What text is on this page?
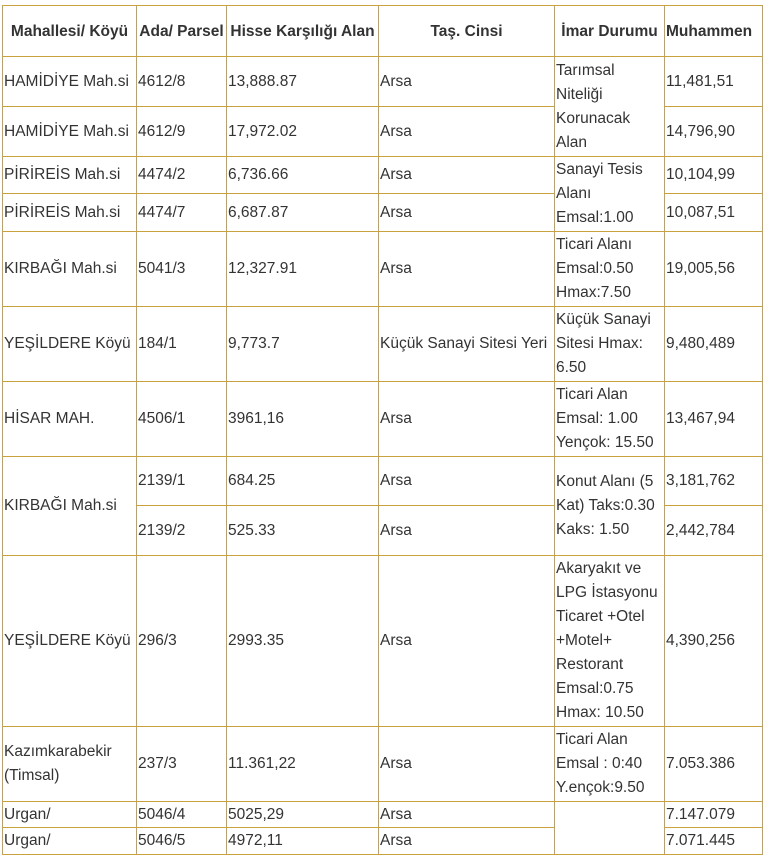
Mahallesi/ Köyü	Ada/ Parsel	Hisse Karşılığı Alan	Taş. Cinsi	İmar Durumu	Muhammen
HAMİDİYE Mah.si	4612/8	13,888.87	Arsa	Tarımsal Niteliği Korunacak Alan	11,481,51
HAMİDİYE Mah.si	4612/9	17,972.02	Arsa		14,796,90
PİRİREİS Mah.si	4474/2	6,736.66	Arsa	Sanayi Tesis Alanı Emsal:1.00	10,104,99
PİRİREİS Mah.si	4474/7	6,687.87	Arsa		10,087,51
KIRBAĞI Mah.si	5041/3	12,327.91	Arsa	Ticari Alanı Emsal:0.50 Hmax:7.50	19,005,56
YEŞİLDERE Köyü	184/1	9,773.7	Küçük Sanayi Sitesi Yeri	Küçük Sanayi Sitesi Hmax: 6.50	9,480,489
HİSAR MAH.	4506/1	3961,16	Arsa	Ticari Alan Emsal: 1.00 Yençok: 15.50	13,467,94
KIRBAĞI Mah.si	2139/1	684.25	Arsa	Konut Alanı (5 Kat) Taks:0.30 Kaks: 1.50	3,181,762
	2139/2	525.33	Arsa		2,442,784
YEŞİLDERE Köyü	296/3	2993.35	Arsa	Akaryakıt ve LPG İstasyonu Ticaret +Otel +Motel+ Restorant Emsal:0.75 Hmax: 10.50	4,390,256
Kazımkarabekir (Timsal)	237/3	11.361,22	Arsa	Ticari Alan Emsal : 0:40 Y.ençok:9.50	7.053.386
Urgan/	5046/4	5025,29	Arsa		7.147.079
Urgan/	5046/5	4972,11	Arsa		7.071.445
